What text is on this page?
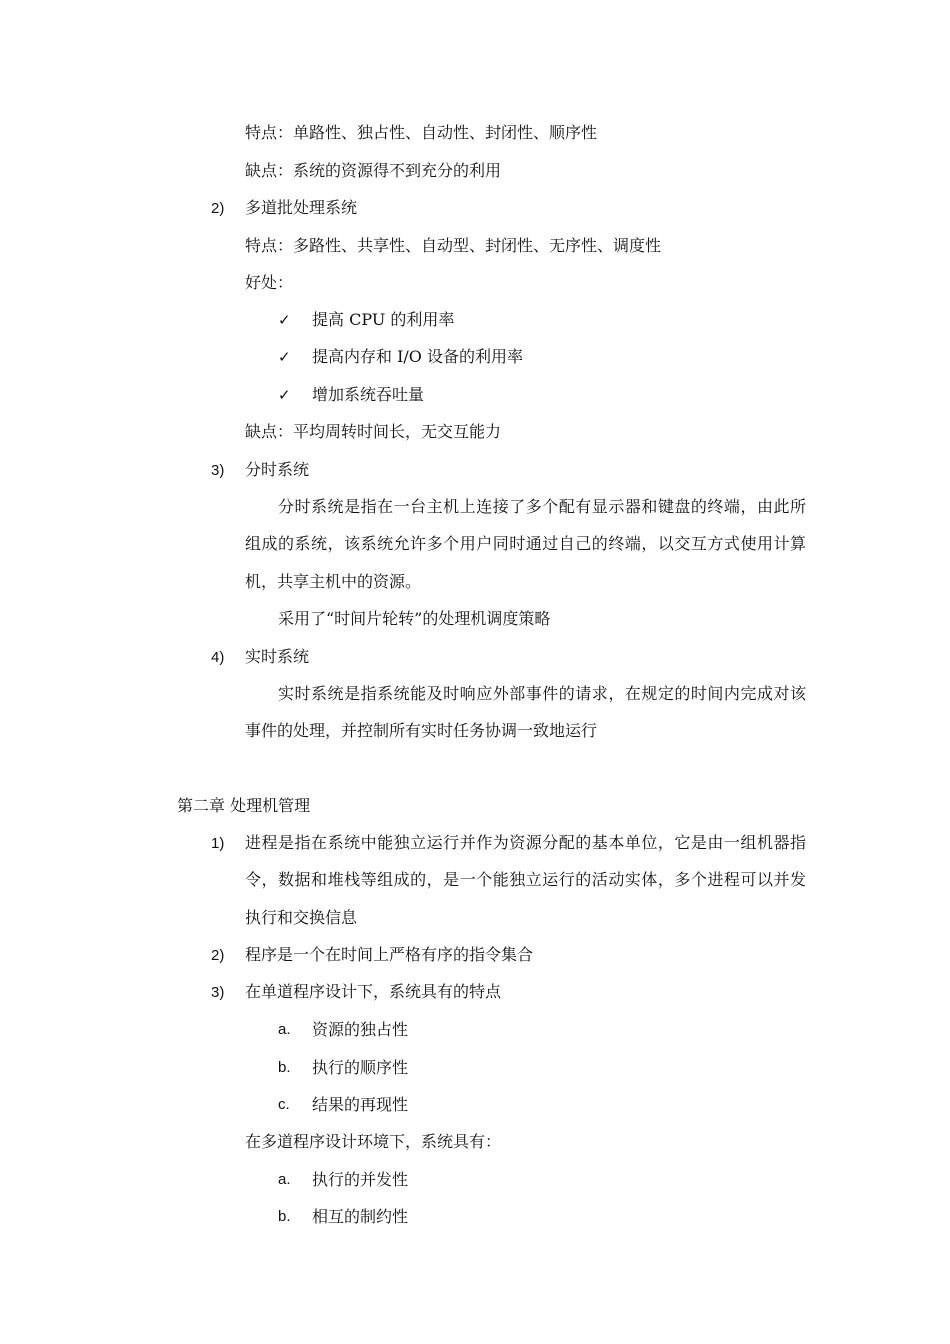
特点：单路性、独占性、自动性、封闭性、顺序性
缺点：系统的资源得不到充分的利用
2) 多道批处理系统
特点：多路性、共享性、自动型、封闭性、无序性、调度性
好处：
✓ 提高 CPU 的利用率
✓ 提高内存和 I/O 设备的利用率
✓ 增加系统吞吐量
缺点：平均周转时间长，无交互能力
3) 分时系统
分时系统是指在一台主机上连接了多个配有显示器和键盘的终端，由此所
组成的系统，该系统允许多个用户同时通过自己的终端，以交互方式使用计算
机，共享主机中的资源。
采用了“时间片轮转”的处理机调度策略
4) 实时系统
实时系统是指系统能及时响应外部事件的请求，在规定的时间内完成对该
事件的处理，并控制所有实时任务协调一致地运行
第二章 处理机管理
1) 进程是指在系统中能独立运行并作为资源分配的基本单位，它是由一组机器指
令，数据和堆栈等组成的，是一个能独立运行的活动实体，多个进程可以并发
执行和交换信息
2) 程序是一个在时间上严格有序的指令集合
3) 在单道程序设计下，系统具有的特点
a. 资源的独占性
b. 执行的顺序性
c. 结果的再现性
在多道程序设计环境下，系统具有：
a. 执行的并发性
b. 相互的制约性
